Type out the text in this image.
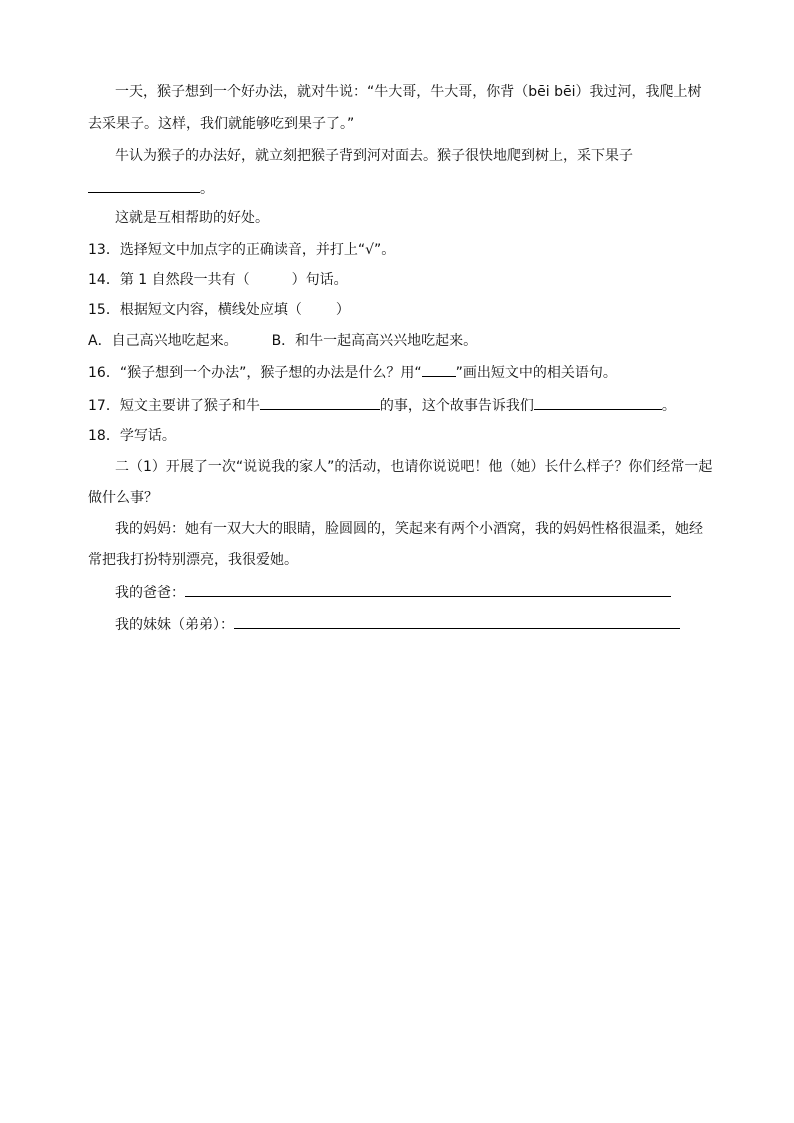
一天，猴子想到一个好办法，就对牛说：“牛大哥，牛大哥，你背（bēi bēi）我过河，我爬上树
去采果子。这样，我们就能够吃到果子了。”
牛认为猴子的办法好，就立刻把猴子背到河对面去。猴子很快地爬到树上，采下果子
。
这就是互相帮助的好处。
13．选择短文中加点字的正确读音，并打上“√”。
14．第 1 自然段一共有（	）句话。
15．根据短文内容，横线处应填（ ）
A．自己高兴地吃起来。 B．和牛一起高高兴兴地吃起来。
16．“猴子想到一个办法”，猴子想的办法是什么？用“ ”画出短文中的相关语句。
17．短文主要讲了猴子和牛	的事，这个故事告诉我们	。
18．学写话。
二（1）开展了一次“说说我的家人”的活动，也请你说说吧！他（她）长什么样子？你们经常一起
做什么事？
我的妈妈：她有一双大大的眼睛，脸圆圆的，笑起来有两个小酒窝，我的妈妈性格很温柔，她经
常把我打扮特别漂亮，我很爱她。
我的爸爸：
我的妹妹（弟弟）：
